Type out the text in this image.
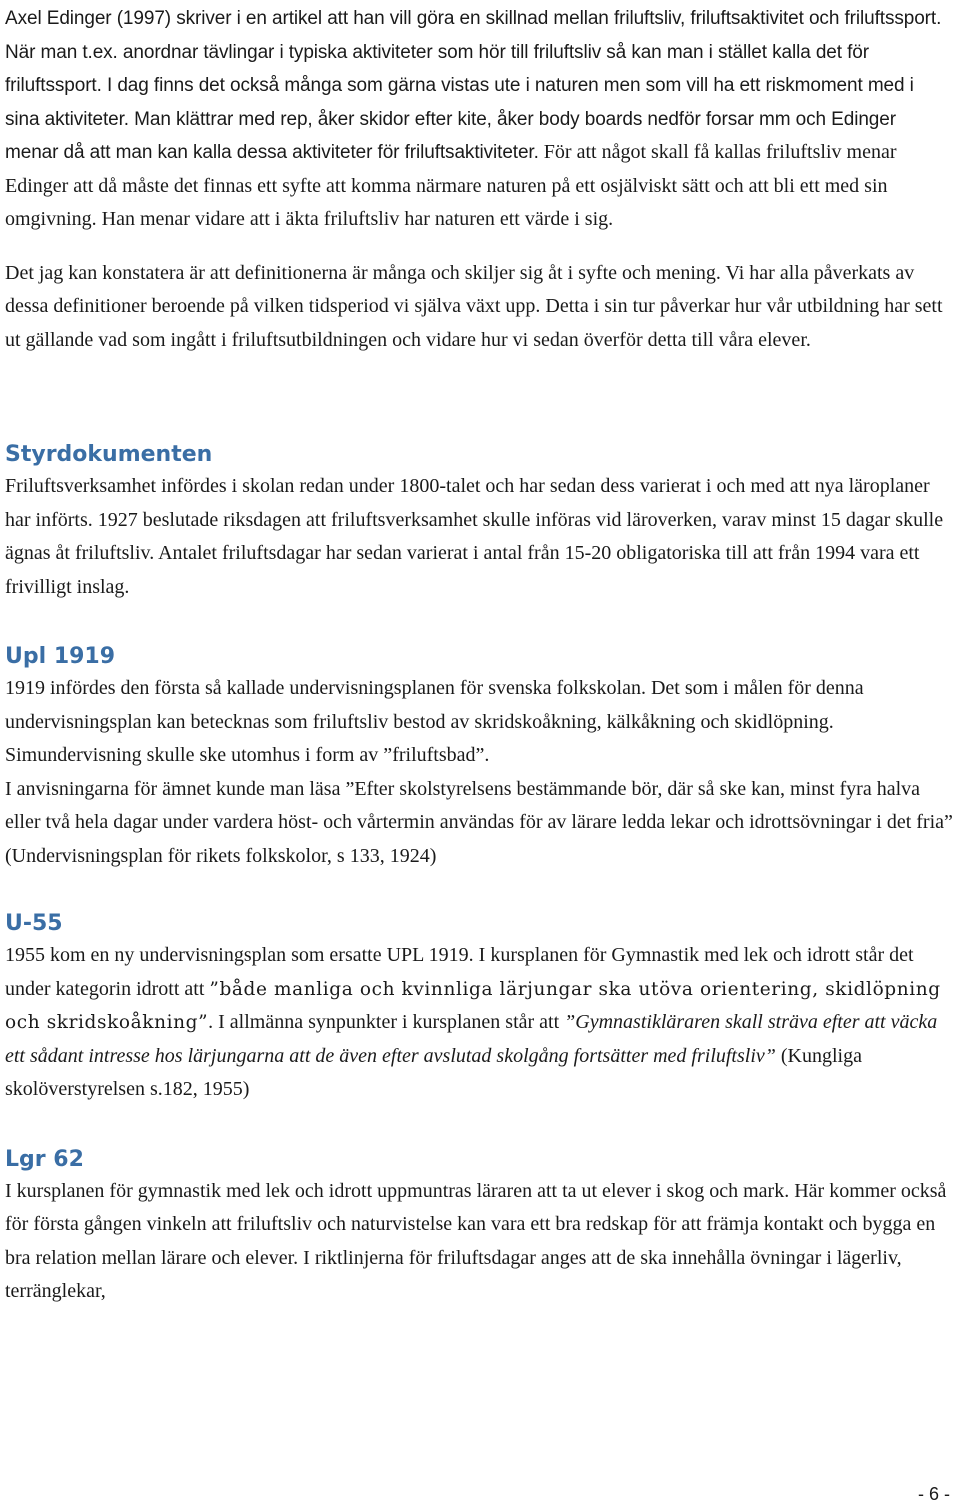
Axel Edinger (1997) skriver i en artikel att han vill göra en skillnad mellan friluftsliv, friluftsaktivitet och friluftssport. När man t.ex. anordnar tävlingar i typiska aktiviteter som hör till friluftsliv så kan man i stället kalla det för friluftssport. I dag finns det också många som gärna vistas ute i naturen men som vill ha ett riskmoment med i sina aktiviteter. Man klättrar med rep, åker skidor efter kite, åker body boards nedför forsar mm och Edinger menar då att man kan kalla dessa aktiviteter för friluftsaktiviteter. För att något skall få kallas friluftsliv menar Edinger att då måste det finnas ett syfte att komma närmare naturen på ett osjälviskt sätt och att bli ett med sin omgivning. Han menar vidare att i äkta friluftsliv har naturen ett värde i sig.

Det jag kan konstatera är att definitionerna är många och skiljer sig åt i syfte och mening. Vi har alla påverkats av dessa definitioner beroende på vilken tidsperiod vi själva växt upp. Detta i sin tur påverkar hur vår utbildning har sett ut gällande vad som ingått i friluftsutbildningen och vidare hur vi sedan överför detta till våra elever.

Styrdokumenten

Friluftsverksamhet infördes i skolan redan under 1800-talet och har sedan dess varierat i och med att nya läroplaner har införts. 1927 beslutade riksdagen att friluftsverksamhet skulle införas vid läroverken, varav minst 15 dagar skulle ägnas åt friluftsliv. Antalet friluftsdagar har sedan varierat i antal från 15-20 obligatoriska till att från 1994 vara ett frivilligt inslag.

Upl 1919

1919 infördes den första så kallade undervisningsplanen för svenska folkskolan. Det som i målen för denna undervisningsplan kan betecknas som friluftsliv bestod av skridskoåkning, kälkåkning och skidlöpning. Simundervisning skulle ske utomhus i form av ”friluftsbad”.

I anvisningarna för ämnet kunde man läsa ”Efter skolstyrelsens bestämmande bör, där så ske kan, minst fyra halva eller två hela dagar under vardera höst- och vårtermin användas för av lärare ledda lekar och idrottsövningar i det fria” (Undervisningsplan för rikets folkskolor, s 133, 1924)

U-55

1955 kom en ny undervisningsplan som ersatte UPL 1919. I kursplanen för Gymnastik med lek och idrott står det under kategorin idrott att ”både manliga och kvinnliga lärjungar ska utöva orientering, skidlöpning och skridskoåkning”. I allmänna synpunkter i kursplanen står att ”Gymnastikläraren skall sträva efter att väcka ett sådant intresse hos lärjungarna att de även efter avslutad skolgång fortsätter med friluftsliv” (Kungliga skolöverstyrelsen s.182, 1955)

Lgr 62

I kursplanen för gymnastik med lek och idrott uppmuntras läraren att ta ut elever i skog och mark. Här kommer också för första gången vinkeln att friluftsliv och naturvistelse kan vara ett bra redskap för att främja kontakt och bygga en bra relation mellan lärare och elever. I riktlinjerna för friluftsdagar anges att de ska innehålla övningar i lägerliv, terränglekar,

- 6 -
